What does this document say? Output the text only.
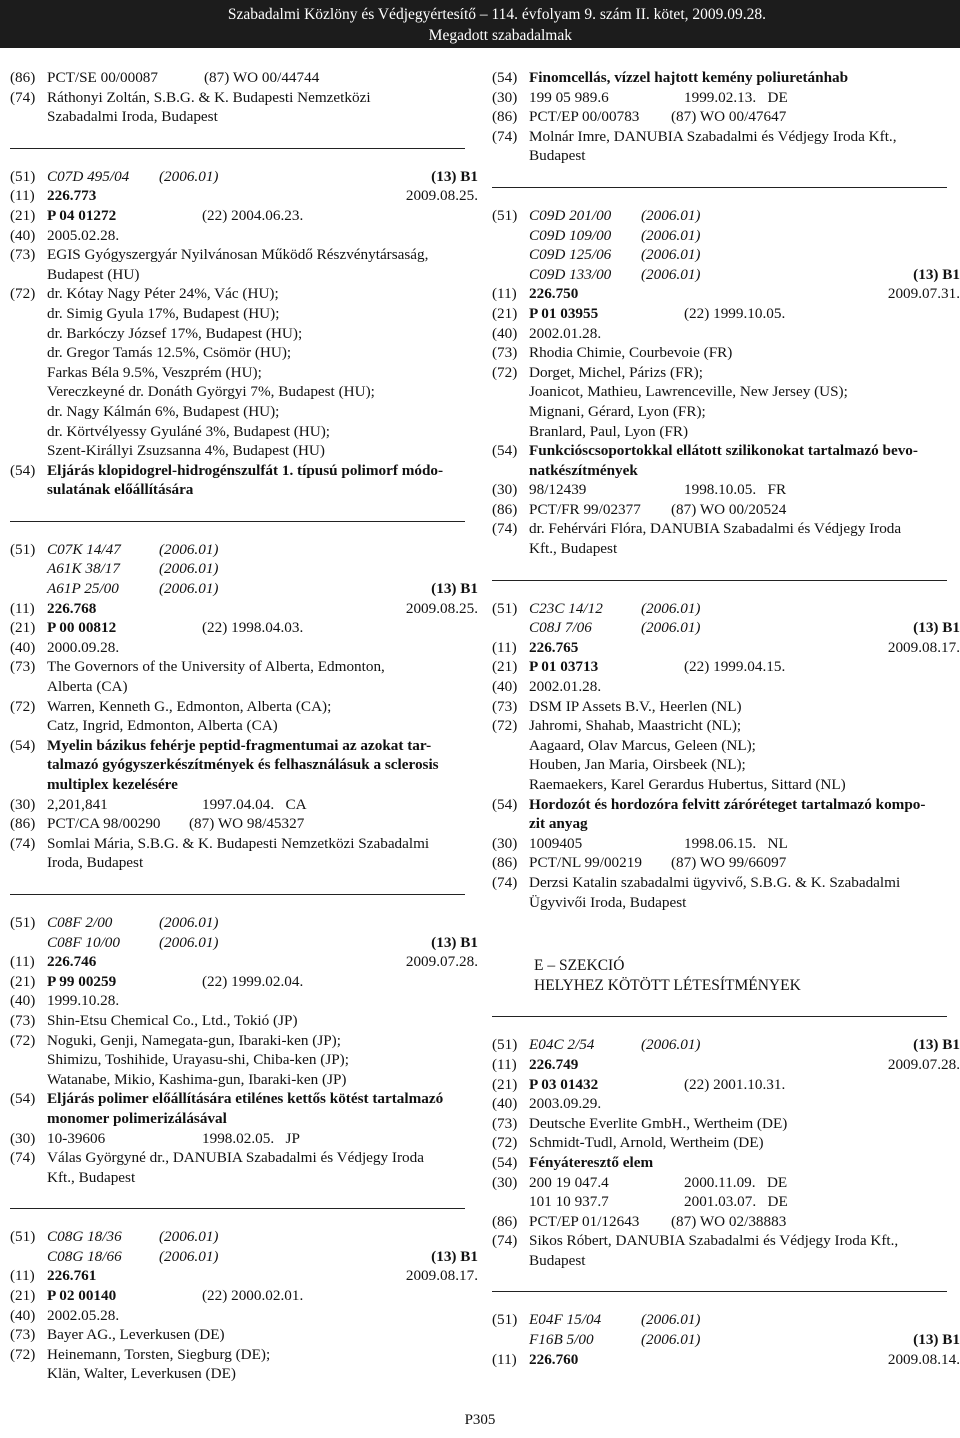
Szabadalmi Közlöny és Védjegyértesítő – 114. évfolyam 9. szám II. kötet, 2009.09.28.
Megadott szabadalmak
(86) PCT/SE 00/00087	(87) WO 00/44744
(74) Ráthonyi Zoltán, S.B.G. & K. Budapesti Nemzetközi
Szabadalmi Iroda, Budapest
(51) C07D 495/04 (2006.01)	(13) B1
(11) 226.773	2009.08.25.
(21) P 04 01272	(22) 2004.06.23.
(40) 2005.02.28.
(73) EGIS Gyógyszergyár Nyilvánosan Működő Részvénytársaság,
Budapest (HU)
(72) dr. Kótay Nagy Péter 24%, Vác (HU);
dr. Simig Gyula 17%, Budapest (HU);
dr. Barkóczy József 17%, Budapest (HU);
dr. Gregor Tamás 12.5%, Csömör (HU);
Farkas Béla 9.5%, Veszprém (HU);
Vereczkeyné dr. Donáth Györgyi 7%, Budapest (HU);
dr. Nagy Kálmán 6%, Budapest (HU);
dr. Körtvélyessy Gyuláné 3%, Budapest (HU);
Szent-Királlyi Zsuzsanna 4%, Budapest (HU)
(54) Eljárás klopidogrel-hidrogénszulfát 1. típusú polimorf módo-
sulatának előállítására
(51) C07K 14/47	(2006.01)
A61K 38/17	(2006.01)
A61P 25/00	(2006.01)	(13) B1
(11) 226.768	2009.08.25.
(21) P 00 00812	(22) 1998.04.03.
(40) 2000.09.28.
(73) The Governors of the University of Alberta, Edmonton,
Alberta (CA)
(72) Warren, Kenneth G., Edmonton, Alberta (CA);
Catz, Ingrid, Edmonton, Alberta (CA)
(54) Myelin bázikus fehérje peptid-fragmentumai az azokat tar-
talmazó gyógyszerkészítmények és felhasználásuk a sclerosis
multiplex kezelésére
(30) 2,201,841	1997.04.04. CA
(86) PCT/CA 98/00290 (87) WO 98/45327
(74) Somlai Mária, S.B.G. & K. Budapesti Nemzetközi Szabadalmi
Iroda, Budapest
(51) C08F 2/00	(2006.01)
C08F 10/00	(2006.01)	(13) B1
(11) 226.746	2009.07.28.
(21) P 99 00259	(22) 1999.02.04.
(40) 1999.10.28.
(73) Shin-Etsu Chemical Co., Ltd., Tokió (JP)
(72) Noguki, Genji, Namegata-gun, Ibaraki-ken (JP);
Shimizu, Toshihide, Urayasu-shi, Chiba-ken (JP);
Watanabe, Mikio, Kashima-gun, Ibaraki-ken (JP)
(54) Eljárás polimer előállítására etilénes kettős kötést tartalmazó
monomer polimerizálásával
(30) 10-39606	1998.02.05. JP
(74) Válas Györgyné dr., DANUBIA Szabadalmi és Védjegy Iroda
Kft., Budapest
(51) C08G 18/36 (2006.01)
C08G 18/66 (2006.01)	(13) B1
(11) 226.761	2009.08.17.
(21) P 02 00140	(22) 2000.02.01.
(40) 2002.05.28.
(73) Bayer AG., Leverkusen (DE)
(72) Heinemann, Torsten, Siegburg (DE);
Klän, Walter, Leverkusen (DE)
(54) Finomcellás, vízzel hajtott kemény poliuretánhab
(30) 199 05 989.6	1999.02.13. DE
(86) PCT/EP 00/00783 (87) WO 00/47647
(74) Molnár Imre, DANUBIA Szabadalmi és Védjegy Iroda Kft.,
Budapest
(51) C09D 201/00 (2006.01)
C09D 109/00 (2006.01)
C09D 125/06 (2006.01)
C09D 133/00 (2006.01)	(13) B1
(11) 226.750	2009.07.31.
(21) P 01 03955	(22) 1999.10.05.
(40) 2002.01.28.
(73) Rhodia Chimie, Courbevoie (FR)
(72) Dorget, Michel, Párizs (FR);
Joanicot, Mathieu, Lawrenceville, New Jersey (US);
Mignani, Gérard, Lyon (FR);
Branlard, Paul, Lyon (FR)
(54) Funkcióscsoportokkal ellátott szilikonokat tartalmazó bevo-
natkészítmények
(30) 98/12439	1998.10.05. FR
(86) PCT/FR 99/02377 (87) WO 00/20524
(74) dr. Fehérvári Flóra, DANUBIA Szabadalmi és Védjegy Iroda
Kft., Budapest
(51) C23C 14/12	(2006.01)
C08J 7/06	(2006.01)	(13) B1
(11) 226.765	2009.08.17.
(21) P 01 03713	(22) 1999.04.15.
(40) 2002.01.28.
(73) DSM IP Assets B.V., Heerlen (NL)
(72) Jahromi, Shahab, Maastricht (NL);
Aagaard, Olav Marcus, Geleen (NL);
Houben, Jan Maria, Oirsbeek (NL);
Raemaekers, Karel Gerardus Hubertus, Sittard (NL)
(54) Hordozót és hordozóra felvitt záróréteget tartalmazó kompo-
zit anyag
(30) 1009405	1998.06.15. NL
(86) PCT/NL 99/00219 (87) WO 99/66097
(74) Derzsi Katalin szabadalmi ügyvivő, S.B.G. & K. Szabadalmi
Ügyvivői Iroda, Budapest
E – SZEKCIÓ
HELYHEZ KÖTÖTT LÉTESÍTMÉNYEK
(51) E04C 2/54	(2006.01)	(13) B1
(11) 226.749	2009.07.28.
(21) P 03 01432	(22) 2001.10.31.
(40) 2003.09.29.
(73) Deutsche Everlite GmbH., Wertheim (DE)
(72) Schmidt-Tudl, Arnold, Wertheim (DE)
(54) Fényáteresztő elem
(30) 200 19 047.4	2000.11.09. DE
101 10 937.7	2001.03.07. DE
(86) PCT/EP 01/12643 (87) WO 02/38883
(74) Sikos Róbert, DANUBIA Szabadalmi és Védjegy Iroda Kft.,
Budapest
(51) E04F 15/04	(2006.01)
F16B 5/00	(2006.01)	(13) B1
(11) 226.760	2009.08.14.
P305
